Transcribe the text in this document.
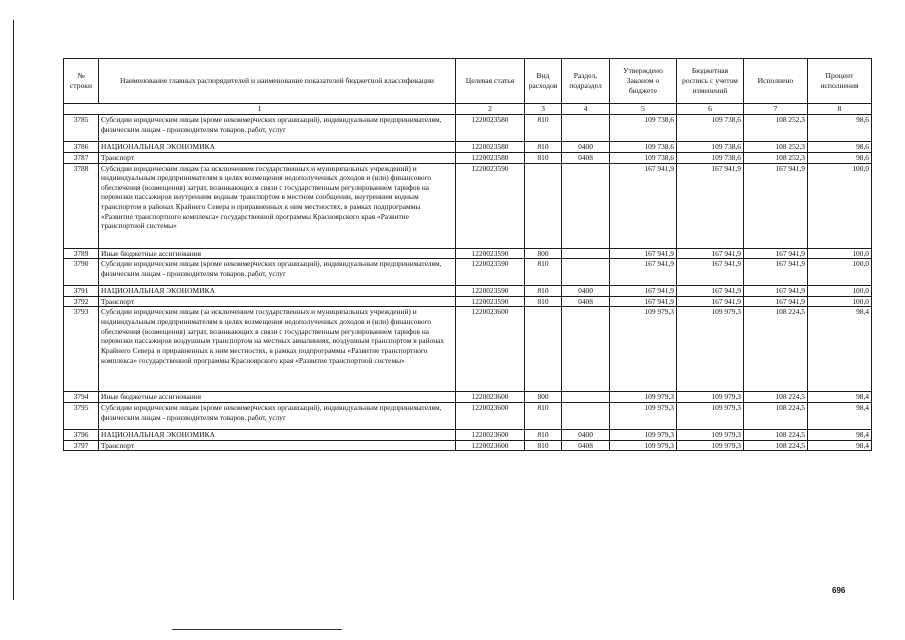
№ строки	Наименование главных распорядителей и наименование показателей бюджетной классификации	Целевая статья	Вид расходов	Раздел, подраздел	Утверждено Законом о бюджете	Бюджетная роспись с учетом изменений	Исполнено	Процент исполнения
1		2	3	4	5	6	7	8
3785	Субсидии юридическим лицам (кроме некоммерческих организаций), индивидуальным предпринимателям, физическим лицам - производителям товаров, работ, услуг	1220023580	810		109 738,6	109 738,6	108 252,3	98,6
3786	НАЦИОНАЛЬНАЯ ЭКОНОМИКА	1220023580	810	0400	109 738,6	109 738,6	108 252,3	98,6
3787	Транспорт	1220023580	810	0408	109 738,6	109 738,6	108 252,3	98,6
3788	Субсидии юридическим лицам (за исключением государственных и муниципальных учреждений) и индивидуальным предпринимателям в целях возмещения недополученных доходов и (или) финансового обеспечения (возмещения) затрат, возникающих в связи с государственным регулированием тарифов на перевозки пассажиров внутренним водным транспортом в местном сообщении, внутренним водным транспортом в районах Крайнего Севера и приравненных к ним местностях, в рамках подпрограммы «Развитие транспортного комплекса» государственной программы Красноярского края «Развитие транспортной системы»	1220023590			167 941,9	167 941,9	167 941,9	100,0
3789	Иные бюджетные ассигнования	1220023590	800		167 941,9	167 941,9	167 941,9	100,0
3790	Субсидии юридическим лицам (кроме некоммерческих организаций), индивидуальным предпринимателям, физическим лицам - производителям товаров, работ, услуг	1220023590	810		167 941,9	167 941,9	167 941,9	100,0
3791	НАЦИОНАЛЬНАЯ ЭКОНОМИКА	1220023590	810	0400	167 941,9	167 941,9	167 941,9	100,0
3792	Транспорт	1220023590	810	0408	167 941,9	167 941,9	167 941,9	100,0
3793	Субсидии юридическим лицам (за исключением государственных и муниципальных учреждений) и индивидуальным предпринимателям в целях возмещения недополученных доходов и (или) финансового обеспечения (возмещения) затрат, возникающих в связи с государственным регулированием тарифов на перевозки пассажиров воздушным транспортом на местных авиалиниях, воздушным транспортом в районах Крайнего Севера и приравненных к ним местностях, в рамках подпрограммы «Развитие транспортного комплекса» государственной программы Красноярского края «Развитие транспортной системы»	1220023600			109 979,3	109 979,3	108 224,5	98,4
3794	Иные бюджетные ассигнования	1220023600	800		109 979,3	109 979,3	108 224,5	98,4
3795	Субсидии юридическим лицам (кроме некоммерческих организаций), индивидуальным предпринимателям, физическим лицам - производителям товаров, работ, услуг	1220023600	810		109 979,3	109 979,3	108 224,5	98,4
3796	НАЦИОНАЛЬНАЯ ЭКОНОМИКА	1220023600	810	0400	109 979,3	109 979,3	108 224,5	98,4
3797	Транспорт	1220023600	810	0408	109 979,3	109 979,3	108 224,5	98,4
696
